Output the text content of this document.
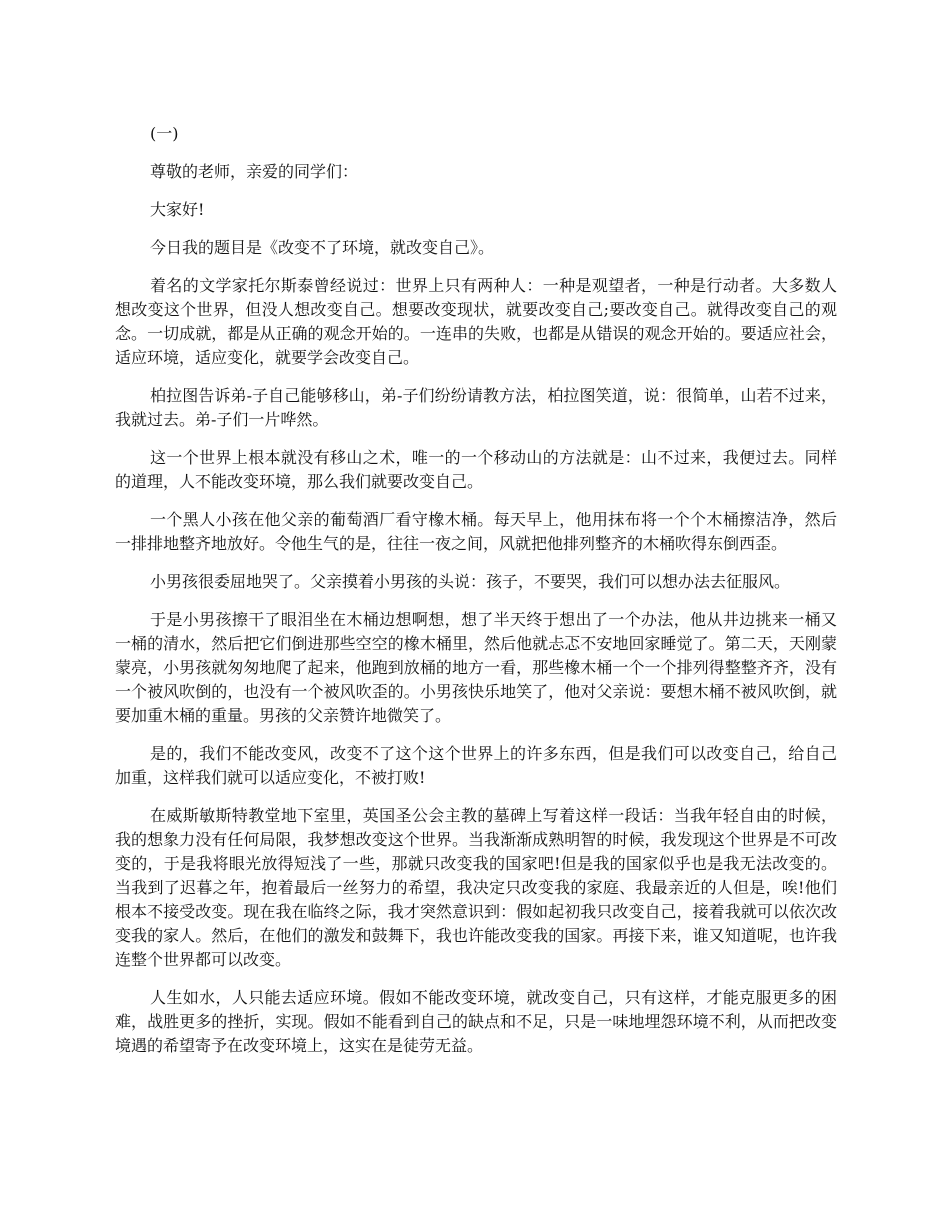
(一)

尊敬的老师，亲爱的同学们：

大家好!

今日我的题目是《改变不了环境，就改变自己》。

着名的文学家托尔斯泰曾经说过：世界上只有两种人：一种是观望者，一种是行动者。大多数人想改变这个世界，但没人想改变自己。想要改变现状，就要改变自己;要改变自己。就得改变自己的观念。一切成就，都是从正确的观念开始的。一连串的失败，也都是从错误的观念开始的。要适应社会，适应环境，适应变化，就要学会改变自己。

柏拉图告诉弟-子自己能够移山，弟-子们纷纷请教方法，柏拉图笑道，说：很简单，山若不过来，我就过去。弟-子们一片哗然。

这一个世界上根本就没有移山之术，唯一的一个移动山的方法就是：山不过来，我便过去。同样的道理，人不能改变环境，那么我们就要改变自己。

一个黑人小孩在他父亲的葡萄酒厂看守橡木桶。每天早上，他用抹布将一个个木桶擦洁净，然后一排排地整齐地放好。令他生气的是，往往一夜之间，风就把他排列整齐的木桶吹得东倒西歪。

小男孩很委屈地哭了。父亲摸着小男孩的头说：孩子，不要哭，我们可以想办法去征服风。

于是小男孩擦干了眼泪坐在木桶边想啊想，想了半天终于想出了一个办法，他从井边挑来一桶又一桶的清水，然后把它们倒进那些空空的橡木桶里，然后他就忐忑不安地回家睡觉了。第二天，天刚蒙蒙亮，小男孩就匆匆地爬了起来，他跑到放桶的地方一看，那些橡木桶一个一个排列得整整齐齐，没有一个被风吹倒的，也没有一个被风吹歪的。小男孩快乐地笑了，他对父亲说：要想木桶不被风吹倒，就要加重木桶的重量。男孩的父亲赞许地微笑了。

是的，我们不能改变风，改变不了这个这个世界上的许多东西，但是我们可以改变自己，给自己加重，这样我们就可以适应变化，不被打败!

在威斯敏斯特教堂地下室里，英国圣公会主教的墓碑上写着这样一段话：当我年轻自由的时候，我的想象力没有任何局限，我梦想改变这个世界。当我渐渐成熟明智的时候，我发现这个世界是不可改变的，于是我将眼光放得短浅了一些，那就只改变我的国家吧!但是我的国家似乎也是我无法改变的。当我到了迟暮之年，抱着最后一丝努力的希望，我决定只改变我的家庭、我最亲近的人但是，唉!他们根本不接受改变。现在我在临终之际，我才突然意识到：假如起初我只改变自己，接着我就可以依次改变我的家人。然后，在他们的激发和鼓舞下，我也许能改变我的国家。再接下来，谁又知道呢，也许我连整个世界都可以改变。

人生如水，人只能去适应环境。假如不能改变环境，就改变自己，只有这样，才能克服更多的困难，战胜更多的挫折，实现。假如不能看到自己的缺点和不足，只是一味地埋怨环境不利，从而把改变境遇的希望寄予在改变环境上，这实在是徒劳无益。
